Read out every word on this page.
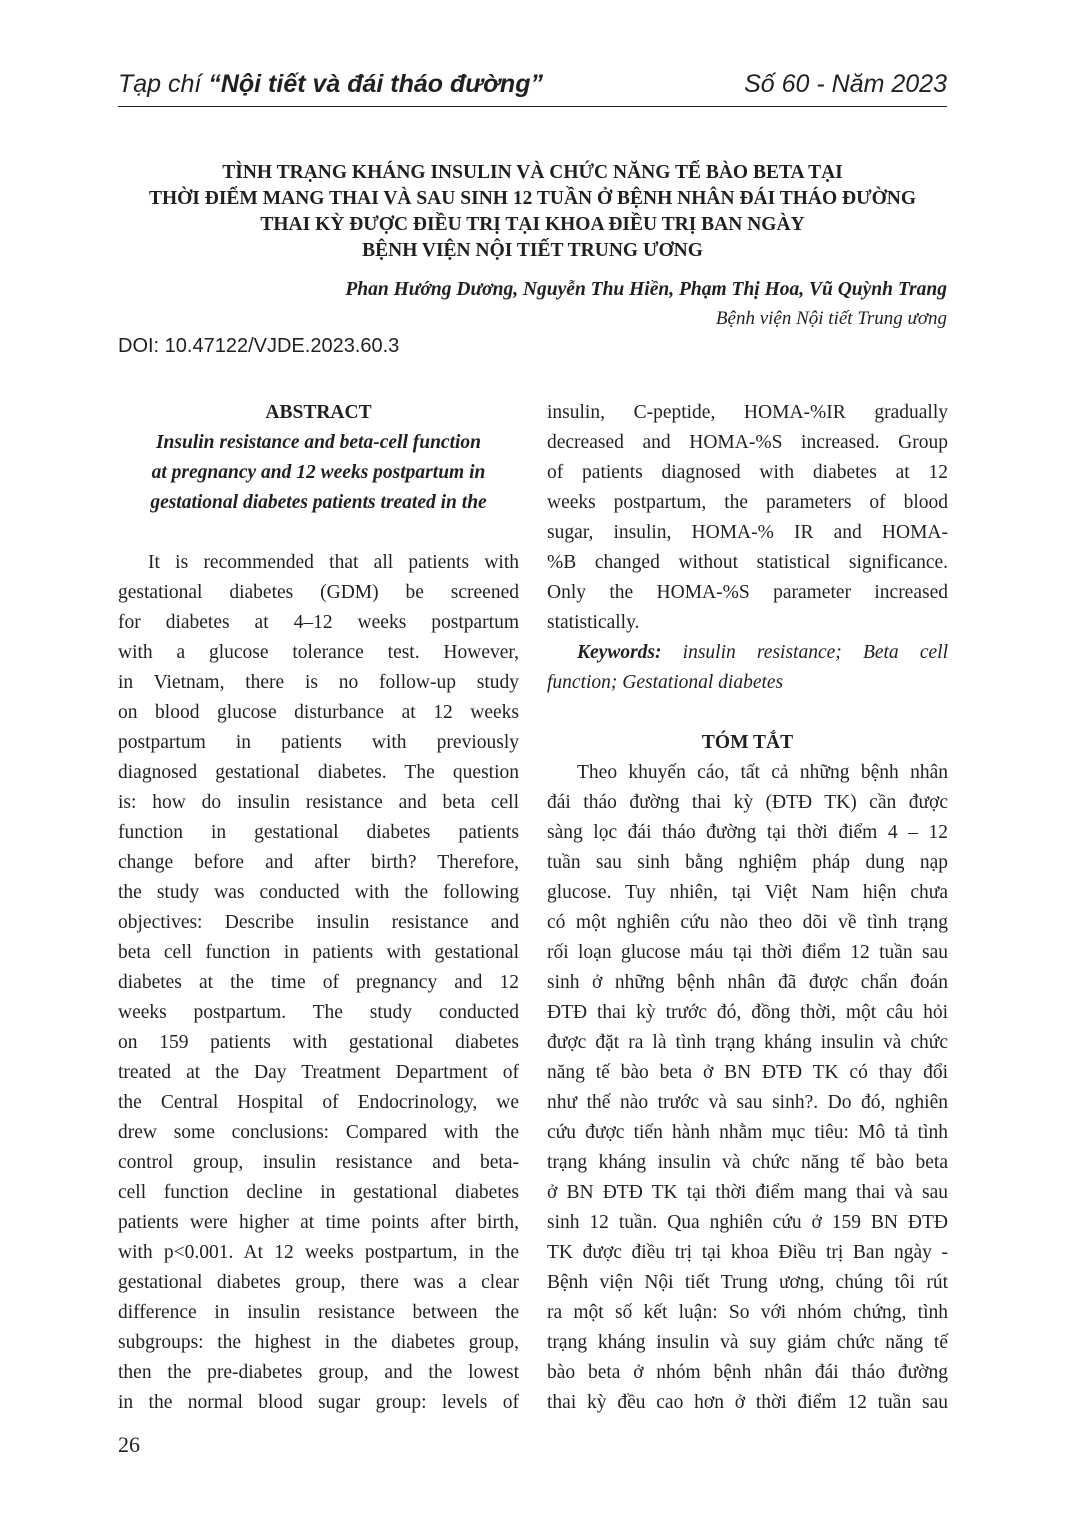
Tạp chí “Nội tiết và đái tháo đường”	Số 60 - Năm 2023
TÌNH TRẠNG KHÁNG INSULIN VÀ CHỨC NĂNG TẾ BÀO BETA TẠI
THỜI ĐIỂM MANG THAI VÀ SAU SINH 12 TUẦN Ở BỆNH NHÂN ĐÁI THÁO ĐƯỜNG
THAI KỲ ĐƯỢC ĐIỀU TRỊ TẠI KHOA ĐIỀU TRỊ BAN NGÀY
BỆNH VIỆN NỘI TIẾT TRUNG ƯƠNG
Phan Hướng Dương, Nguyễn Thu Hiền, Phạm Thị Hoa, Vũ Quỳnh Trang
Bệnh viện Nội tiết Trung ương
DOI: 10.47122/VJDE.2023.60.3
ABSTRACT
Insulin resistance and beta-cell function
at pregnancy and 12 weeks postpartum in
gestational diabetes patients treated in the
It is recommended that all patients with
gestational diabetes (GDM) be screened
for diabetes at 4–12 weeks postpartum
with a glucose tolerance test. However,
in Vietnam, there is no follow-up study
on blood glucose disturbance at 12 weeks
postpartum in patients with previously
diagnosed gestational diabetes. The question
is: how do insulin resistance and beta cell
function in gestational diabetes patients
change before and after birth? Therefore,
the study was conducted with the following
objectives: Describe insulin resistance and
beta cell function in patients with gestational
diabetes at the time of pregnancy and 12
weeks postpartum. The study conducted
on 159 patients with gestational diabetes
treated at the Day Treatment Department of
the Central Hospital of Endocrinology, we
drew some conclusions: Compared with the
control group, insulin resistance and beta-
cell function decline in gestational diabetes
patients were higher at time points after birth,
with p<0.001. At 12 weeks postpartum, in the
gestational diabetes group, there was a clear
difference in insulin resistance between the
subgroups: the highest in the diabetes group,
then the pre-diabetes group, and the lowest
in the normal blood sugar group: levels of
insulin, C-peptide, HOMA-%IR gradually
decreased and HOMA-%S increased. Group
of patients diagnosed with diabetes at 12
weeks postpartum, the parameters of blood
sugar, insulin, HOMA-% IR and HOMA-
%B changed without statistical significance.
Only the HOMA-%S parameter increased
statistically.
Keywords: insulin resistance; Beta cell
function; Gestational diabetes
TÓM TẮT
Theo khuyến cáo, tất cả những bệnh nhân
đái tháo đường thai kỳ (ĐTĐ TK) cần được
sàng lọc đái tháo đường tại thời điểm 4 – 12
tuần sau sinh bằng nghiệm pháp dung nạp
glucose. Tuy nhiên, tại Việt Nam hiện chưa
có một nghiên cứu nào theo dõi về tình trạng
rối loạn glucose máu tại thời điểm 12 tuần sau
sinh ở những bệnh nhân đã được chẩn đoán
ĐTĐ thai kỳ trước đó, đồng thời, một câu hỏi
được đặt ra là tình trạng kháng insulin và chức
năng tế bào beta ở BN ĐTĐ TK có thay đổi
như thế nào trước và sau sinh?. Do đó, nghiên
cứu được tiến hành nhằm mục tiêu: Mô tả tình
trạng kháng insulin và chức năng tế bào beta
ở BN ĐTĐ TK tại thời điểm mang thai và sau
sinh 12 tuần. Qua nghiên cứu ở 159 BN ĐTĐ
TK được điều trị tại khoa Điều trị Ban ngày -
Bệnh viện Nội tiết Trung ương, chúng tôi rút
ra một số kết luận: So với nhóm chứng, tình
trạng kháng insulin và suy giảm chức năng tế
bào beta ở nhóm bệnh nhân đái tháo đường
thai kỳ đều cao hơn ở thời điểm 12 tuần sau
26
